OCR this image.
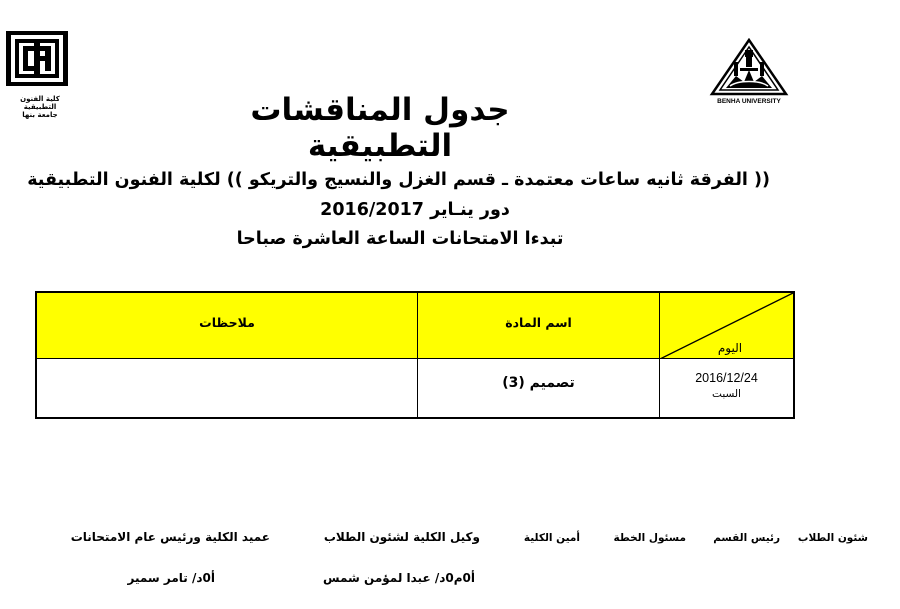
كلية الفنون التطبيقية
جامعة بنها
BENHA UNIVERSITY
جدول المناقشات التطبيقية
(( الفرقة ثانيه ساعات معتمدة ـ قسم الغزل والنسيج والتريكو )) لكلية الفنون التطبيقية
دور ينـاير 2016/2017
تبدءا الامتحانات الساعة العاشرة صباحا
ملاحظات	اسم المادة
اليوم
تصميم (3)	2016/12/24
السبت
شئون الطلاب
رئيس القسم
مسئول الخطة
أمين الكلية
وكيل الكلية لشئون الطلاب
عميد الكلية ورئيس عام الامتحانات
أ0م0د/ عبدا لمؤمن شمس
أ0د/ تامر سمير
